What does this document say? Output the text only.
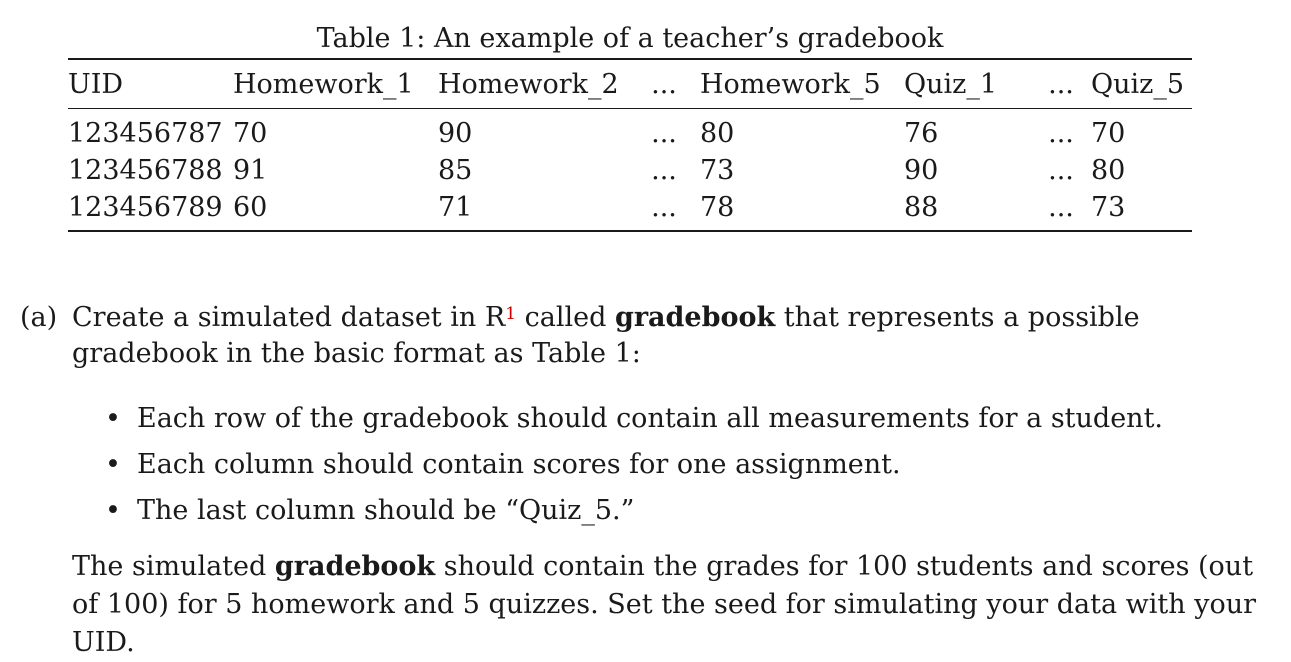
Table 1: An example of a teacher’s gradebook
UID	Homework_1	Homework_2	...	Homework_5	Quiz_1	...	Quiz_5
123456787	70	90	...	80	76	...	70
123456788	91	85	...	73	90	...	80
123456789	60	71	...	78	88	...	73
(a) Create a simulated dataset in $R^1$ called gradebook that represents a possible gradebook in the basic format as Table 1:
• Each row of the gradebook should contain all measurements for a student.
• Each column should contain scores for one assignment.
• The last column should be “Quiz_5.”
The simulated gradebook should contain the grades for 100 students and scores (out of 100) for 5 homework and 5 quizzes. Set the seed for simulating your data with your UID.
